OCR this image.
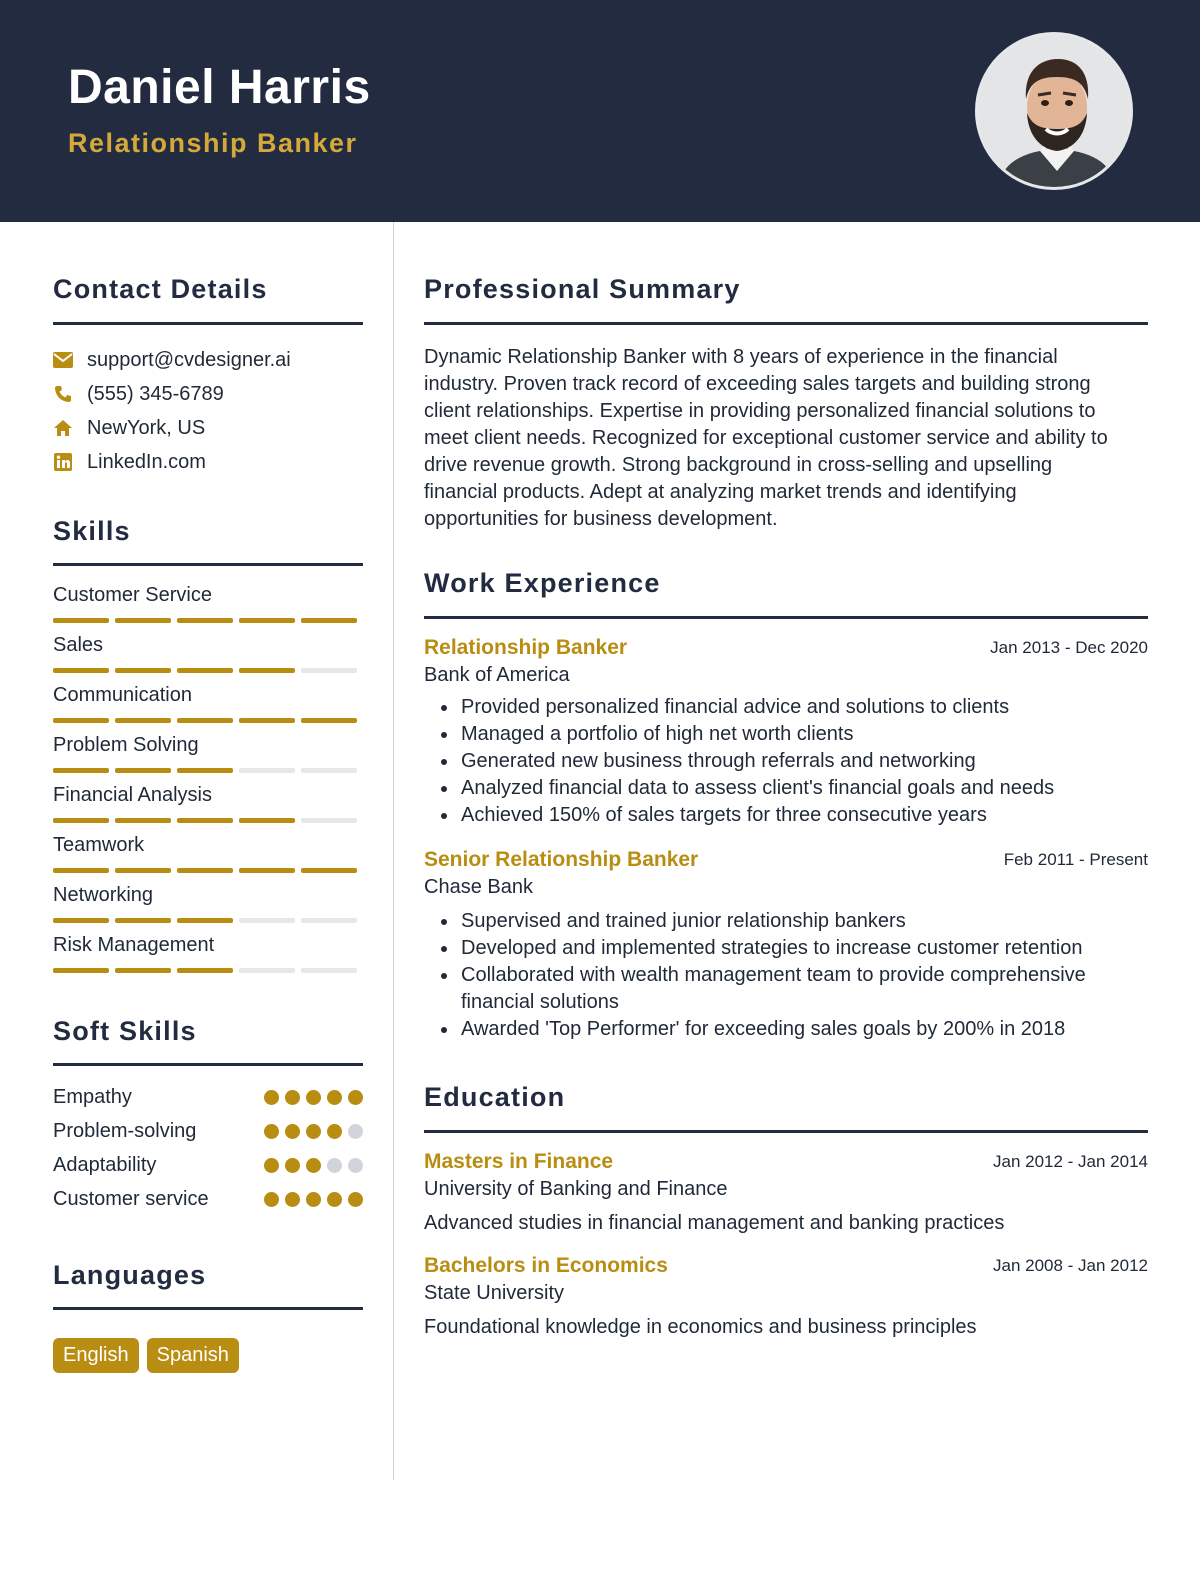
Daniel Harris
Relationship Banker
Contact Details
support@cvdesigner.ai
(555) 345-6789
NewYork, US
LinkedIn.com
Skills
Customer Service
Sales
Communication
Problem Solving
Financial Analysis
Teamwork
Networking
Risk Management
Soft Skills
Empathy
Problem-solving
Adaptability
Customer service
Languages
English	Spanish
Professional Summary
Dynamic Relationship Banker with 8 years of experience in the financial
industry. Proven track record of exceeding sales targets and building strong
client relationships. Expertise in providing personalized financial solutions to
meet client needs. Recognized for exceptional customer service and ability to
drive revenue growth. Strong background in cross-selling and upselling
financial products. Adept at analyzing market trends and identifying
opportunities for business development.
Work Experience
Relationship Banker	Jan 2013 - Dec 2020
Bank of America
Provided personalized financial advice and solutions to clients
Managed a portfolio of high net worth clients
Generated new business through referrals and networking
Analyzed financial data to assess client's financial goals and needs
Achieved 150% of sales targets for three consecutive years
Senior Relationship Banker	Feb 2011 - Present
Chase Bank
Supervised and trained junior relationship bankers
Developed and implemented strategies to increase customer retention
Collaborated with wealth management team to provide comprehensive financial solutions
Awarded 'Top Performer' for exceeding sales goals by 200% in 2018
Education
Masters in Finance	Jan 2012 - Jan 2014
University of Banking and Finance
Advanced studies in financial management and banking practices
Bachelors in Economics	Jan 2008 - Jan 2012
State University
Foundational knowledge in economics and business principles
